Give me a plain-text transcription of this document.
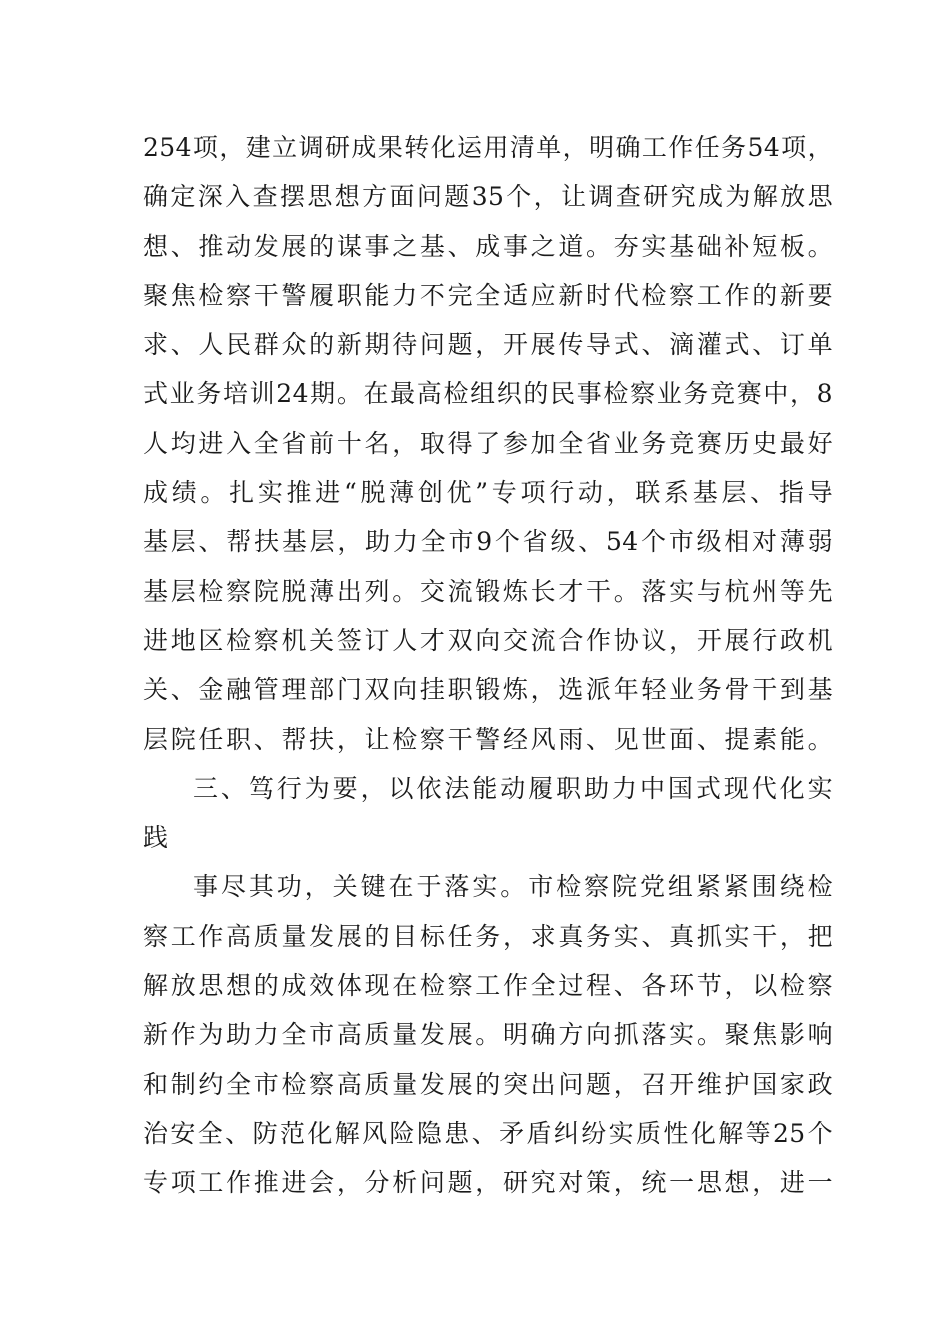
254项，建立调研成果转化运用清单，明确工作任务54项，
确定深入查摆思想方面问题35个，让调查研究成为解放思
想、推动发展的谋事之基、成事之道。夯实基础补短板。
聚焦检察干警履职能力不完全适应新时代检察工作的新要
求、人民群众的新期待问题，开展传导式、滴灌式、订单
式业务培训24期。在最高检组织的民事检察业务竞赛中，8
人均进入全省前十名，取得了参加全省业务竞赛历史最好
成绩。扎实推进“脱薄创优”专项行动，联系基层、指导
基层、帮扶基层，助力全市9个省级、54个市级相对薄弱
基层检察院脱薄出列。交流锻炼长才干。落实与杭州等先
进地区检察机关签订人才双向交流合作协议，开展行政机
关、金融管理部门双向挂职锻炼，选派年轻业务骨干到基
层院任职、帮扶，让检察干警经风雨、见世面、提素能。
三、笃行为要，以依法能动履职助力中国式现代化实
践
事尽其功，关键在于落实。市检察院党组紧紧围绕检
察工作高质量发展的目标任务，求真务实、真抓实干，把
解放思想的成效体现在检察工作全过程、各环节，以检察
新作为助力全市高质量发展。明确方向抓落实。聚焦影响
和制约全市检察高质量发展的突出问题，召开维护国家政
治安全、防范化解风险隐患、矛盾纠纷实质性化解等25个
专项工作推进会，分析问题，研究对策，统一思想，进一
